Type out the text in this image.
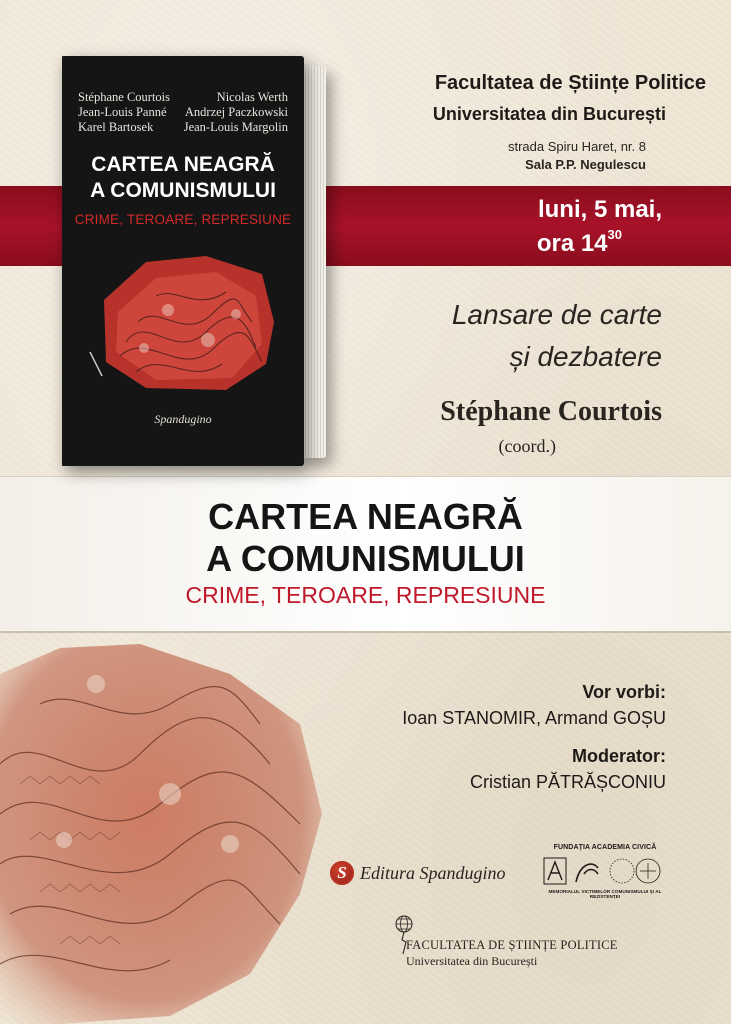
Stéphane Courtois	Nicolas Werth
Jean-Louis Panné Andrzej Paczkowski
Karel Bartosek Jean-Louis Margolin
CARTEA NEAGRĂ
A COMUNISMULUI
CRIME, TEROARE, REPRESIUNE
Spandugino
Facultatea de Științe Politice
Universitatea din București
strada Spiru Haret, nr. 8
Sala P.P. Negulescu
luni, 5 mai,
ora $14^{30}$
Lansare de carte
și dezbatere
Stéphane Courtois
(coord.)
CARTEA NEAGRĂ
A COMUNISMULUI
CRIME, TEROARE, REPRESIUNE
Vor vorbi:
Ioan STANOMIR, Armand GOȘU
Moderator:
Cristian PĂTRĂȘCONIU
S Editura Spandugino
FUNDAȚIA ACADEMIA CIVICĂ
MEMORIALUL VICTIMELOR COMUNISMULUI ȘI AL REZISTENȚEI
FACULTATEA DE ȘTIINȚE POLITICE
Universitatea din București
